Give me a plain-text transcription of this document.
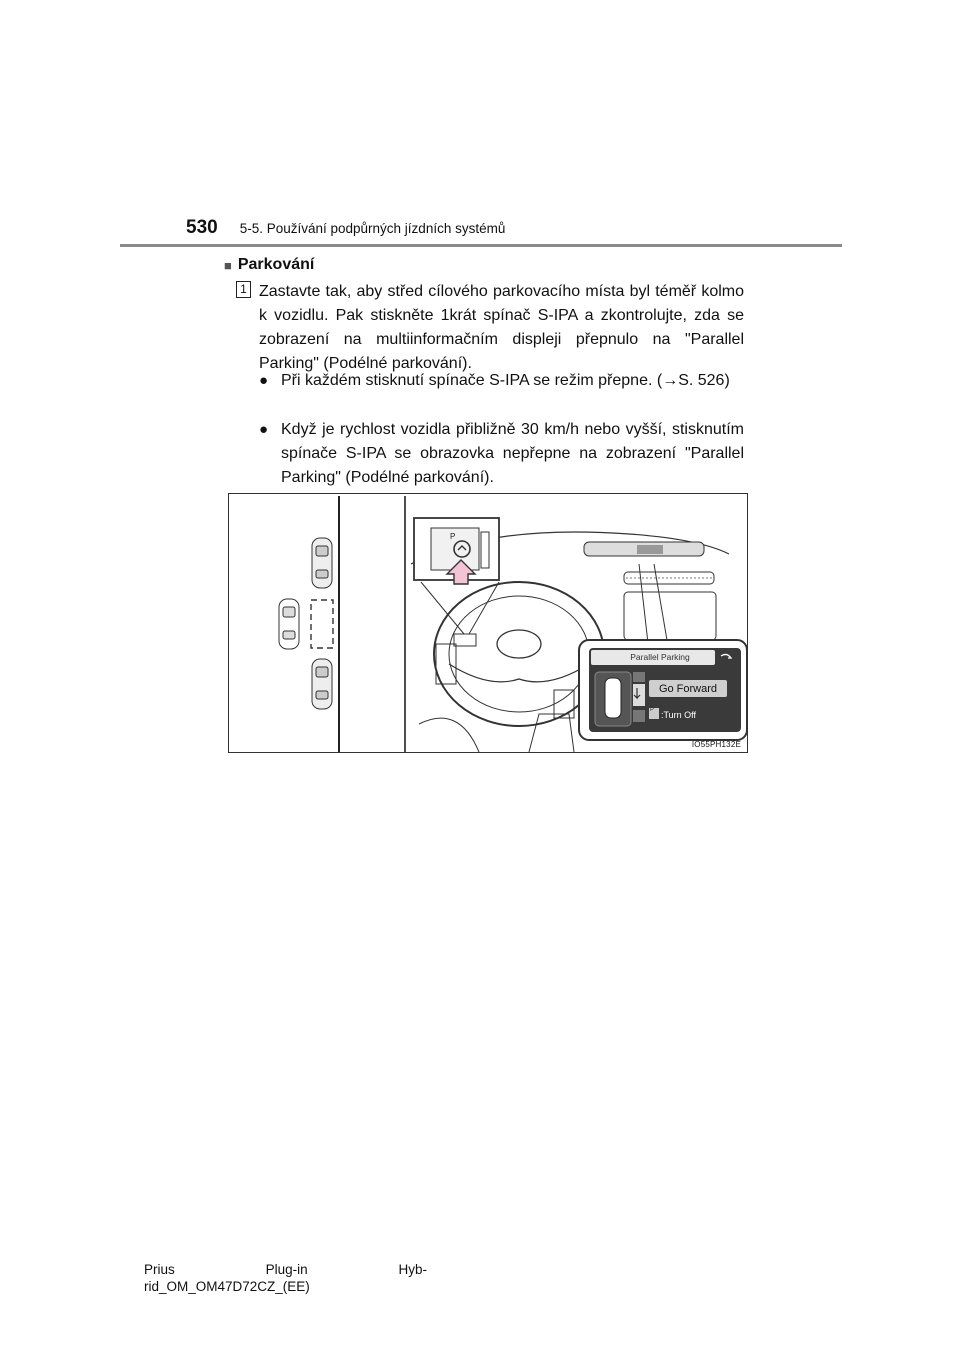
530 5-5. Používání podpůrných jízdních systémů
■ Parkování
1 Zastavte tak, aby střed cílového parkovacího místa byl téměř kolmo k vozidlu. Pak stiskněte 1krát spínač S-IPA a zkontrolujte, zda se zobrazení na multiinformačním displeji přepnulo na "Parallel Parking" (Podélné parkování).
● Při každém stisknutí spínače S-IPA se režim přepne. (→S. 526)
● Když je rychlost vozidla přibližně 30 km/h nebo vyšší, stisknutím spínače S-IPA se obrazovka nepřepne na zobrazení "Parallel Parking" (Podélné parkování).
Parallel Parking
Go Forward
P :Turn Off
P
IO55PH132E
Prius	Plug-in	Hyb-
rid_OM_OM47D72CZ_(EE)
